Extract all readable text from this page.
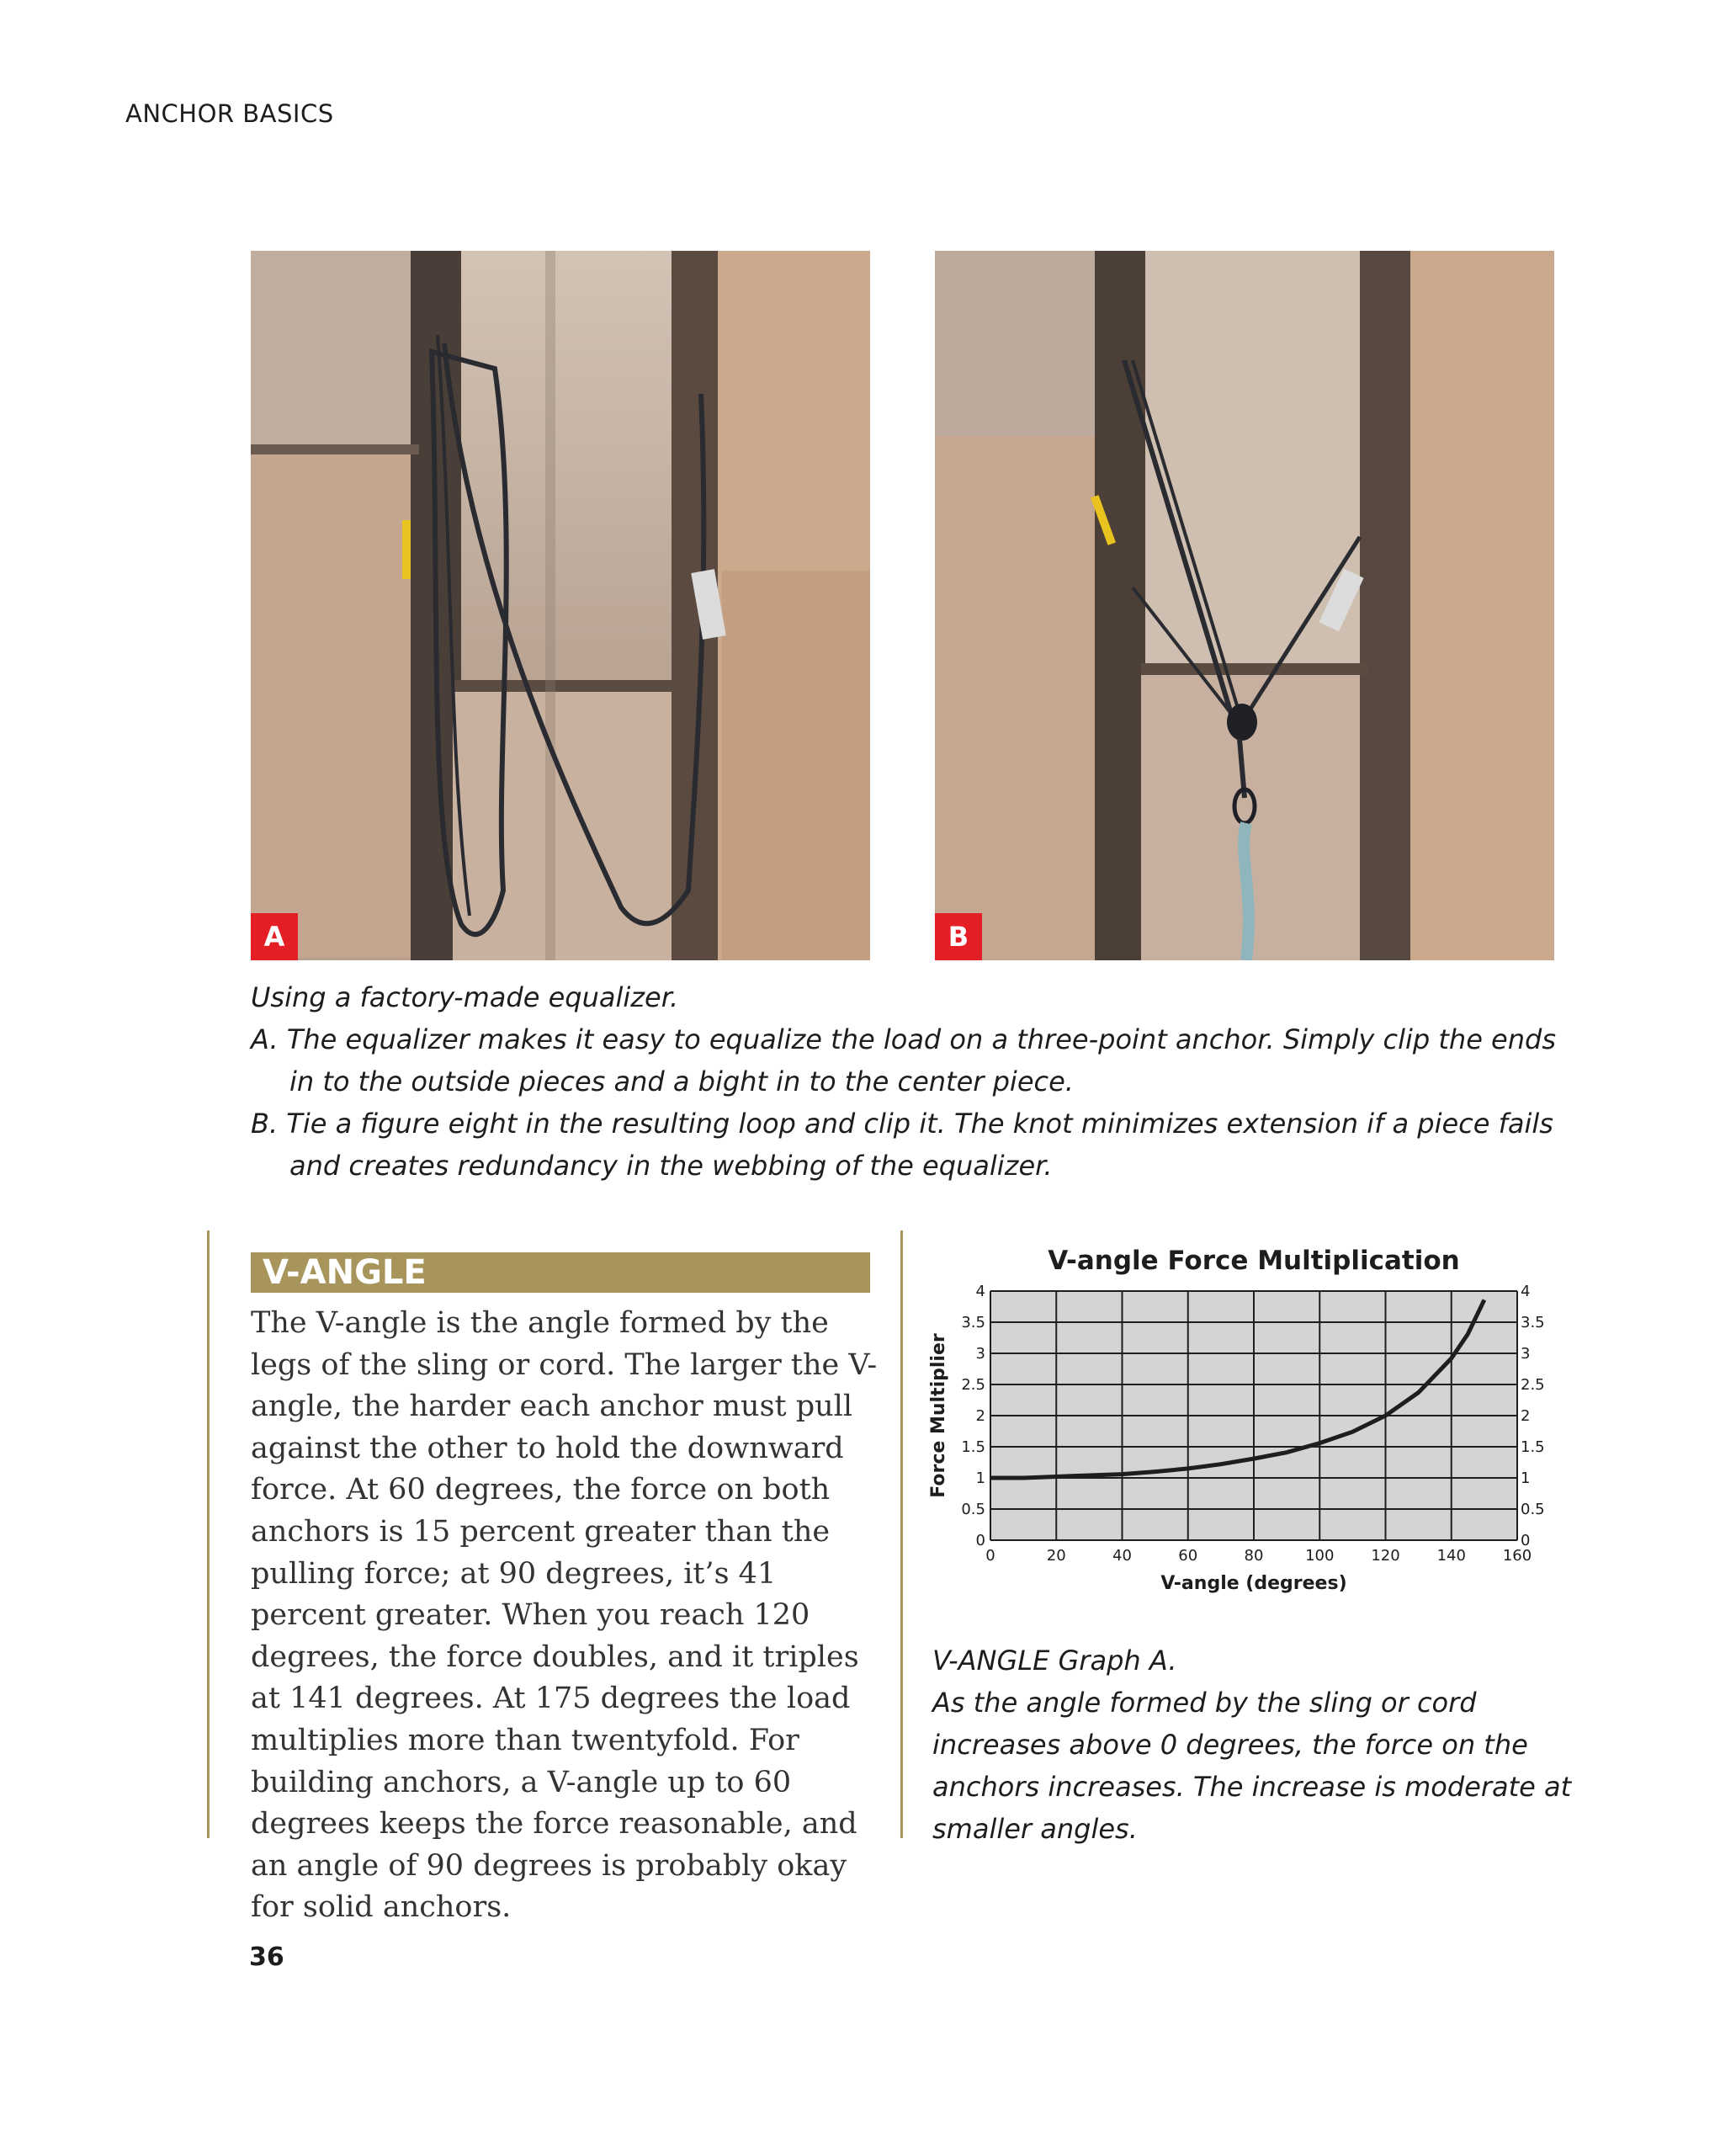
ANCHOR BASICS
A	B

Using a factory-made equalizer.

A. The equalizer makes it easy to equalize the load on a three-point anchor. Simply clip the ends in to the outside pieces and a bight in to the center piece.

B. Tie a figure eight in the resulting loop and clip it. The knot minimizes extension if a piece fails and creates redundancy in the webbing of the equalizer.

V-ANGLE

The V-angle is the angle formed by the legs of the sling or cord. The larger the V-angle, the harder each anchor must pull against the other to hold the downward force. At 60 degrees, the force on both anchors is 15 percent greater than the pulling force; at 90 degrees, it’s 41 percent greater. When you reach 120 degrees, the force doubles, and it triples at 141 degrees. At 175 degrees the load multiplies more than twentyfold. For building anchors, a V-angle up to 60 degrees keeps the force reasonable, and an angle of 90 degrees is probably okay for solid anchors.

V-angle Force Multiplication
0	20	40	60	80	100 120 140 160
0	0
0.5	0.5
1	1
1.5	1.5
2	2
2.5	2.5
3	3
3.5	3.5
4	4
V-angle (degrees)
Force Multiplier

V-ANGLE Graph A.

As the angle formed by the sling or cord increases above 0 degrees, the force on the anchors increases. The increase is moderate at smaller angles.

36
